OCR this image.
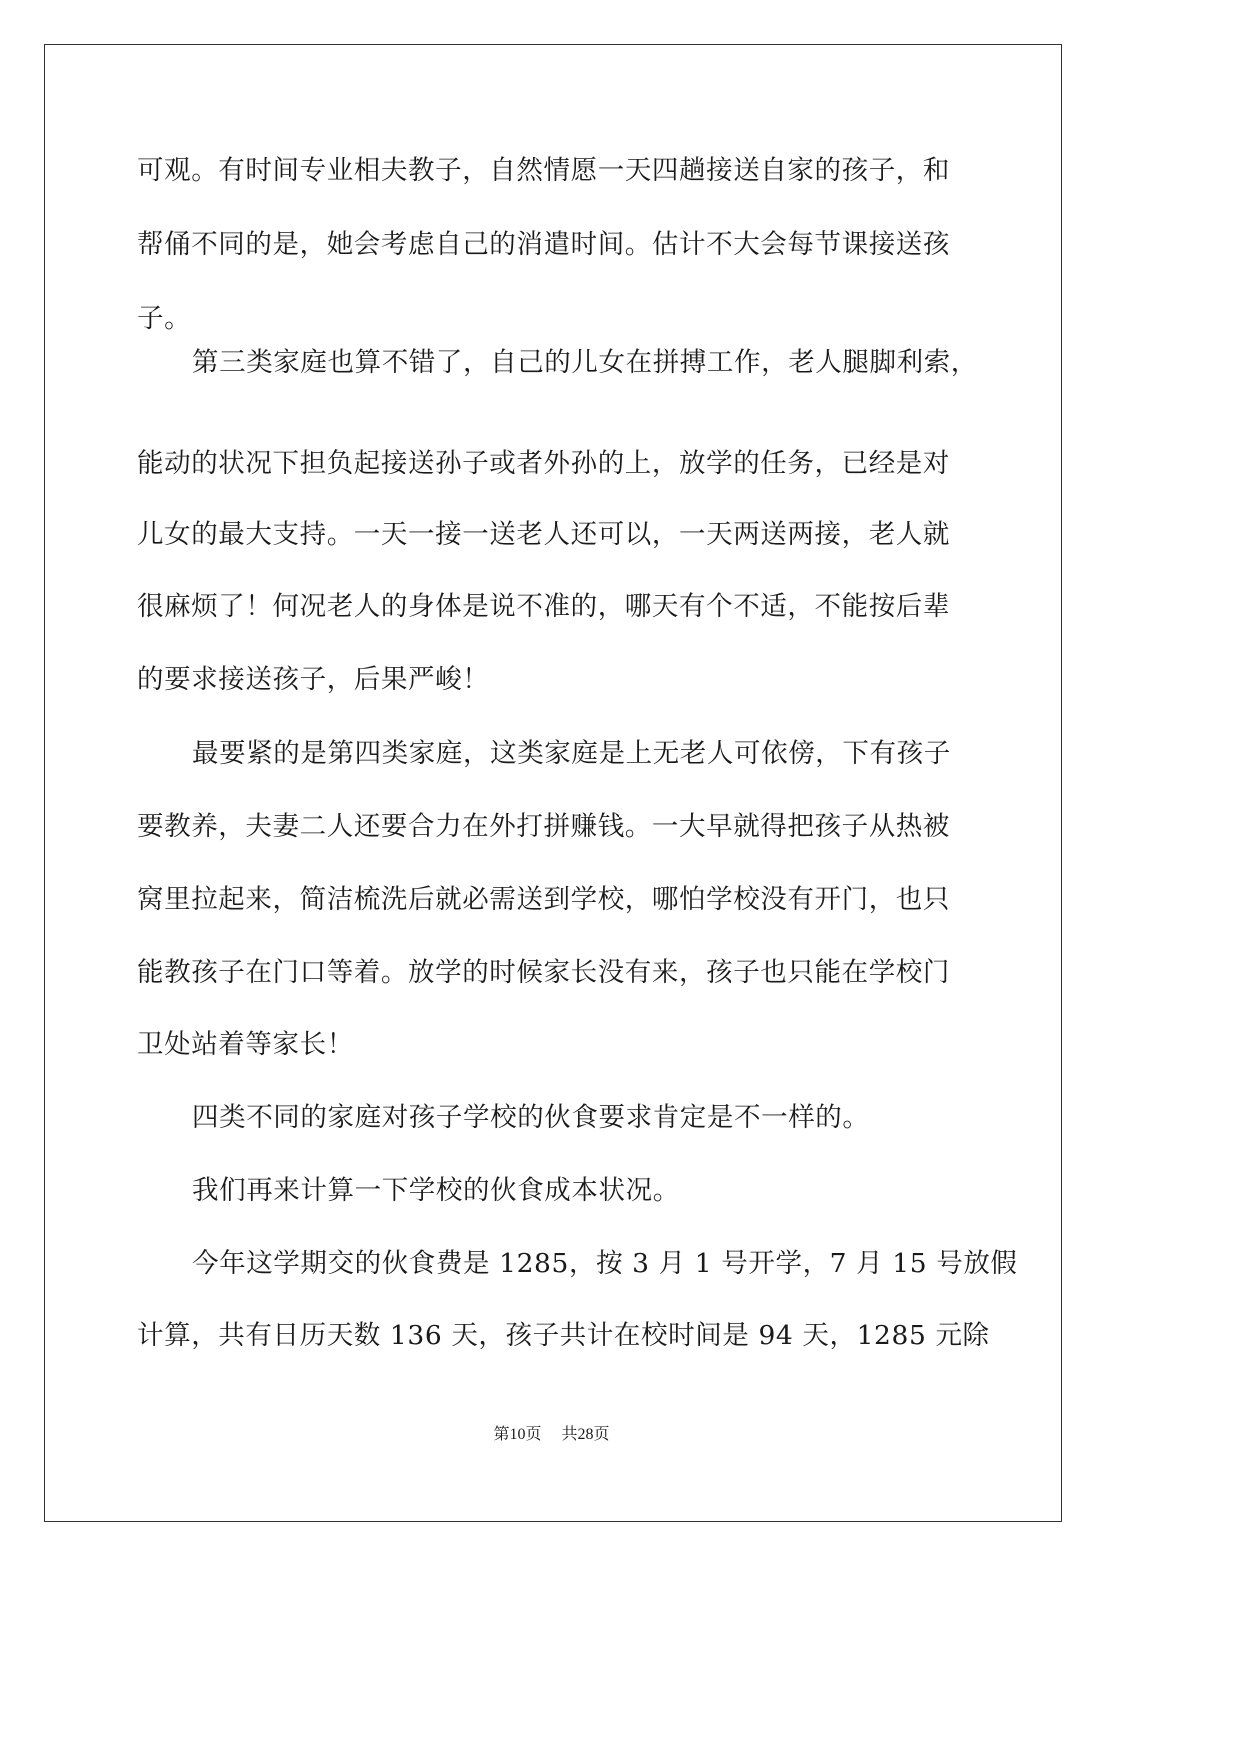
可观。有时间专业相夫教子，自然情愿一天四趟接送自家的孩子，和

帮俑不同的是，她会考虑自己的消遣时间。估计不大会每节课接送孩

子。

第三类家庭也算不错了，自己的儿女在拼搏工作，老人腿脚利索，

能动的状况下担负起接送孙子或者外孙的上，放学的任务，已经是对

儿女的最大支持。一天一接一送老人还可以，一天两送两接，老人就

很麻烦了！何况老人的身体是说不准的，哪天有个不适，不能按后辈

的要求接送孩子，后果严峻！

最要紧的是第四类家庭，这类家庭是上无老人可依傍，下有孩子

要教养，夫妻二人还要合力在外打拼赚钱。一大早就得把孩子从热被

窝里拉起来，简洁梳洗后就必需送到学校，哪怕学校没有开门，也只

能教孩子在门口等着。放学的时候家长没有来，孩子也只能在学校门

卫处站着等家长！

四类不同的家庭对孩子学校的伙食要求肯定是不一样的。

我们再来计算一下学校的伙食成本状况。

今年这学期交的伙食费是 1285，按 3 月 1 号开学，7 月 15 号放假

计算，共有日历天数 136 天，孩子共计在校时间是 94 天，1285 元除

第10页 共28页
